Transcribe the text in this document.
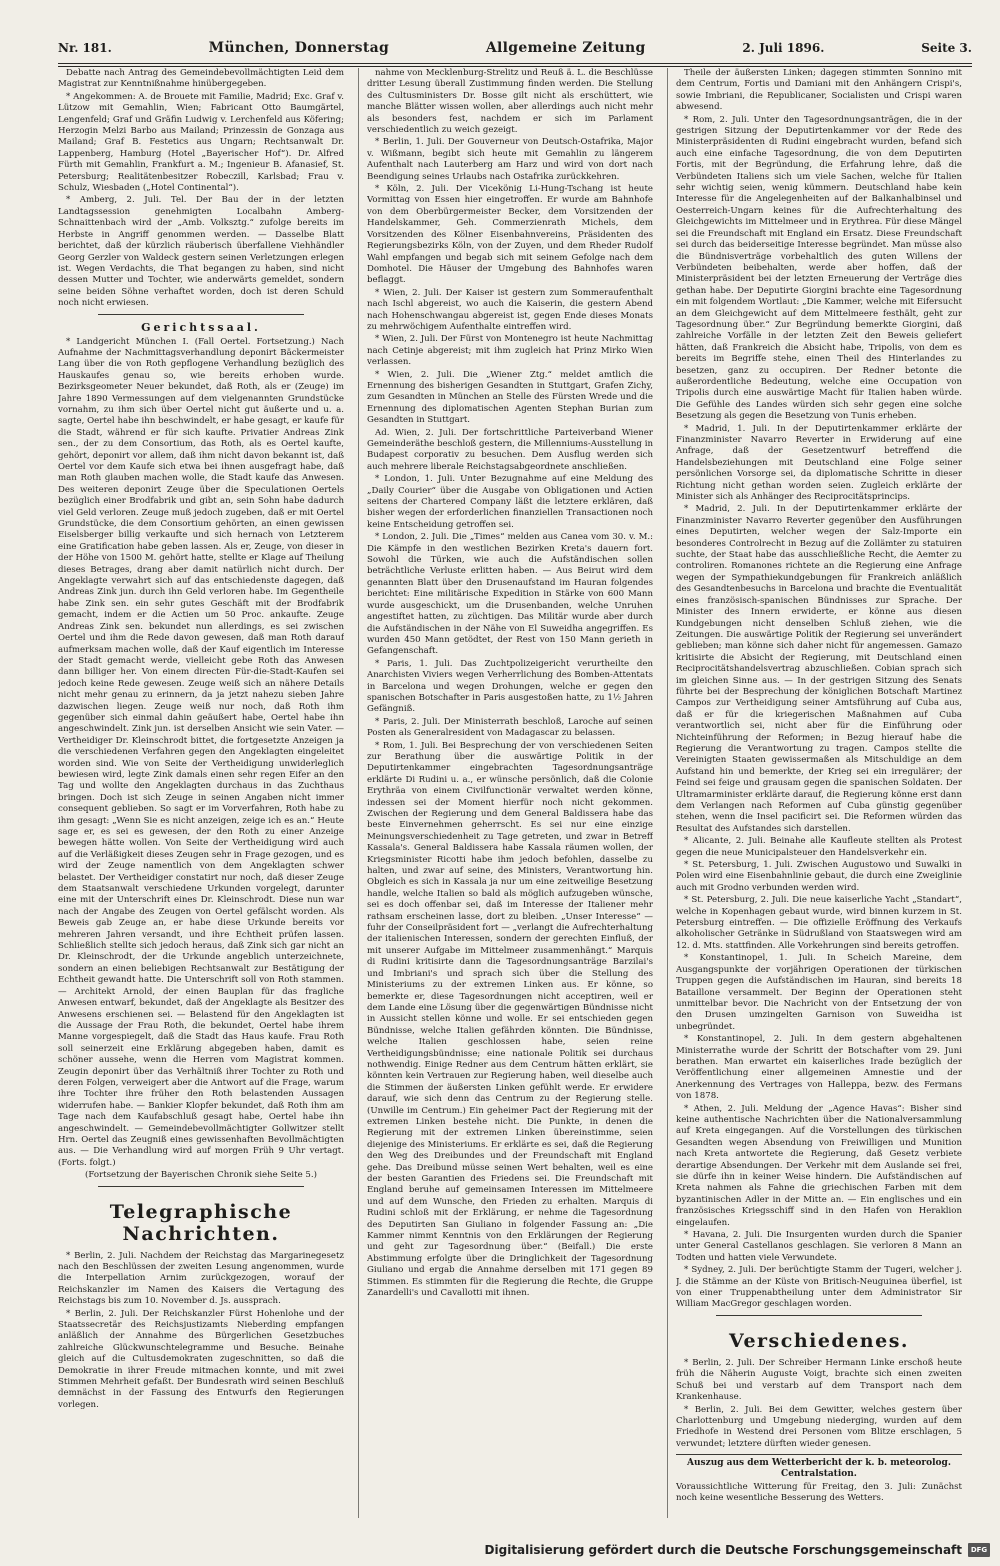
Nr. 181.	München, Donnerstag	Allgemeine Zeitung	2. Juli 1896.	Seite 3.

Debatte nach Antrag des Gemeindebevollmächtigten Leid dem Magistrat zur Kenntnißnahme hinübergegeben.

* Angekommen: A. de Brouete mit Familie, Madrid; Exc. Graf v. Lützow mit Gemahlin, Wien; Fabricant Otto Baumgärtel, Lengenfeld; Graf und Gräfin Ludwig v. Lerchenfeld aus Köfering; Herzogin Melzi Barbo aus Mailand; Prinzessin de Gonzaga aus Mailand; Graf B. Festetics aus Ungarn; Rechtsanwalt Dr. Lappenberg, Hamburg (Hotel „Bayerischer Hof“). Dr. Alfred Fürth mit Gemahlin, Frankfurt a. M.; Ingenieur B. Afanasief, St. Petersburg; Realitätenbesitzer Robeczill, Karlsbad; Frau v. Schulz, Wiesbaden („Hotel Continental“).

* Amberg, 2. Juli. Tel. Der Bau der in der letzten Landtagssession genehmigten Localbahn Amberg-Schnaittenbach wird der „Amb. Volksztg.“ zufolge bereits im Herbste in Angriff genommen werden. — Dasselbe Blatt berichtet, daß der kürzlich räuberisch überfallene Viehhändler Georg Gerzler von Waldeck gestern seinen Verletzungen erlegen ist. Wegen Verdachts, die That begangen zu haben, sind nicht dessen Mutter und Tochter, wie anderwärts gemeldet, sondern seine beiden Söhne verhaftet worden, doch ist deren Schuld noch nicht erwiesen.

Gerichtssaal.

* Landgericht München I. (Fall Oertel. Fortsetzung.) Nach Aufnahme der Nachmittagsverhandlung deponirt Bäckermeister Lang über die von Roth gepflogene Verhandlung bezüglich des Hauskaufes genau so, wie bereits erhoben wurde. Bezirksgeometer Neuer bekundet, daß Roth, als er (Zeuge) im Jahre 1890 Vermessungen auf dem vielgenannten Grundstücke vornahm, zu ihm sich über Oertel nicht gut äußerte und u. a. sagte, Oertel habe ihn beschwindelt, er habe gesagt, er kaufe für die Stadt, während er für sich kaufte. Privatier Andreas Zink sen., der zu dem Consortium, das Roth, als es Oertel kaufte, gehört, deponirt vor allem, daß ihm nicht davon bekannt ist, daß Oertel vor dem Kaufe sich etwa bei ihnen ausgefragt habe, daß man Roth glauben machen wolle, die Stadt kaufe das Anwesen. Des weiteren deponirt Zeuge über die Speculationen Oertels bezüglich einer Brodfabrik und gibt an, sein Sohn habe dadurch viel Geld verloren. Zeuge muß jedoch zugeben, daß er mit Oertel Grundstücke, die dem Consortium gehörten, an einen gewissen Eiselsberger billig verkaufte und sich hernach von Letzterem eine Gratification habe geben lassen. Als er, Zeuge, von dieser in der Höhe von 1500 M. gehört hatte, stellte er Klage auf Theilung dieses Betrages, drang aber damit natürlich nicht durch. Der Angeklagte verwahrt sich auf das entschiedenste dagegen, daß Andreas Zink jun. durch ihn Geld verloren habe. Im Gegentheile habe Zink sen. ein sehr gutes Geschäft mit der Brodfabrik gemacht, indem er die Actien um 50 Proc. ankaufte. Zeuge Andreas Zink sen. bekundet nun allerdings, es sei zwischen Oertel und ihm die Rede davon gewesen, daß man Roth darauf aufmerksam machen wolle, daß der Kauf eigentlich im Interesse der Stadt gemacht werde, vielleicht gebe Roth das Anwesen dann billiger her. Von einem directen Für-die-Stadt-Kaufen sei jedoch keine Rede gewesen. Zeuge weiß sich an nähere Details nicht mehr genau zu erinnern, da ja jetzt nahezu sieben Jahre dazwischen liegen. Zeuge weiß nur noch, daß Roth ihm gegenüber sich einmal dahin geäußert habe, Oertel habe ihn angeschwindelt. Zink jun. ist derselben Ansicht wie sein Vater. — Vertheidiger Dr. Kleinschrodt bittet, die fortgesetzte Anzeigen ja die verschiedenen Verfahren gegen den Angeklagten eingeleitet worden sind. Wie von Seite der Vertheidigung unwiderleglich bewiesen wird, legte Zink damals einen sehr regen Eifer an den Tag und wollte den Angeklagten durchaus in das Zuchthaus bringen. Doch ist sich Zeuge in seinen Angaben nicht immer consequent geblieben. So sagt er im Vorverfahren, Roth habe zu ihm gesagt: „Wenn Sie es nicht anzeigen, zeige ich es an.“ Heute sage er, es sei es gewesen, der den Roth zu einer Anzeige bewegen hätte wollen. Von Seite der Vertheidigung wird auch auf die Verläßigkeit dieses Zeugen sehr in Frage gezogen, und es wird der Zeuge namentlich von dem Angeklagten schwer belastet. Der Vertheidiger constatirt nur noch, daß dieser Zeuge dem Staatsanwalt verschiedene Urkunden vorgelegt, darunter eine mit der Unterschrift eines Dr. Kleinschrodt. Diese nun war nach der Angabe des Zeugen von Oertel gefälscht worden. Als Beweis gab Zeuge an, er habe diese Urkunde bereits vor mehreren Jahren versandt, und ihre Echtheit prüfen lassen. Schließlich stellte sich jedoch heraus, daß Zink sich gar nicht an Dr. Kleinschrodt, der die Urkunde angeblich unterzeichnete, sondern an einen beliebigen Rechtsanwalt zur Bestätigung der Echtheit gewandt hatte. Die Unterschrift soll von Roth stammen. — Architekt Arnold, der einen Bauplan für das fragliche Anwesen entwarf, bekundet, daß der Angeklagte als Besitzer des Anwesens erschienen sei. — Belastend für den Angeklagten ist die Aussage der Frau Roth, die bekundet, Oertel habe ihrem Manne vorgespiegelt, daß die Stadt das Haus kaufe. Frau Roth soll seinerzeit eine Erklärung abgegeben haben, damit es schöner aussehe, wenn die Herren vom Magistrat kommen. Zeugin deponirt über das Verhältniß ihrer Tochter zu Roth und deren Folgen, verweigert aber die Antwort auf die Frage, warum ihre Tochter ihre früher den Roth belastenden Aussagen widerrufen habe. — Bankier Klopfer bekundet, daß Roth ihm am Tage nach dem Kaufabschluß gesagt habe, Oertel habe ihn angeschwindelt. — Gemeindebevollmächtigter Gollwitzer stellt Hrn. Oertel das Zeugniß eines gewissenhaften Bevollmächtigten aus. — Die Verhandlung wird auf morgen Früh 9 Uhr vertagt. (Forts. folgt.)

(Fortsetzung der Bayerischen Chronik siehe Seite 5.)

Telegraphische Nachrichten.

* Berlin, 2. Juli. Nachdem der Reichstag das Margarinegesetz nach den Beschlüssen der zweiten Lesung angenommen, wurde die Interpellation Arnim zurückgezogen, worauf der Reichskanzler im Namen des Kaisers die Vertagung des Reichstags bis zum 10. November d. Js. aussprach.

* Berlin, 2. Juli. Der Reichskanzler Fürst Hohenlohe und der Staatssecretär des Reichsjustizamts Nieberding empfangen anläßlich der Annahme des Bürgerlichen Gesetzbuches zahlreiche Glückwunschtelegramme und Besuche. Beinahe gleich auf die Cultusdemokraten zugeschnitten, so daß die Demokratie in ihrer Freude mitmachen konnte, und mit zwei Stimmen Mehrheit gefaßt. Der Bundesrath wird seinen Beschluß demnächst in der Fassung des Entwurfs den Regierungen vorlegen.

nahme von Mecklenburg-Strelitz und Reuß ä. L. die Beschlüsse dritter Lesung überall Zustimmung finden werden. Die Stellung des Cultusministers Dr. Bosse gilt nicht als erschüttert, wie manche Blätter wissen wollen, aber allerdings auch nicht mehr als besonders fest, nachdem er sich im Parlament verschiedentlich zu weich gezeigt.

* Berlin, 1. Juli. Der Gouverneur von Deutsch-Ostafrika, Major v. Wißmann, begibt sich heute mit Gemahlin zu längerem Aufenthalt nach Lauterberg am Harz und wird von dort nach Beendigung seines Urlaubs nach Ostafrika zurückkehren.

* Köln, 2. Juli. Der Vicekönig Li-Hung-Tschang ist heute Vormittag von Essen hier eingetroffen. Er wurde am Bahnhofe von dem Oberbürgermeister Becker, dem Vorsitzenden der Handelskammer, Geh. Commerzienrath Michels, dem Vorsitzenden des Kölner Eisenbahnvereins, Präsidenten des Regierungsbezirks Köln, von der Zuyen, und dem Rheder Rudolf Wahl empfangen und begab sich mit seinem Gefolge nach dem Domhotel. Die Häuser der Umgebung des Bahnhofes waren beflaggt.

* Wien, 2. Juli. Der Kaiser ist gestern zum Sommeraufenthalt nach Ischl abgereist, wo auch die Kaiserin, die gestern Abend nach Hohenschwangau abgereist ist, gegen Ende dieses Monats zu mehrwöchigem Aufenthalte eintreffen wird.

* Wien, 2. Juli. Der Fürst von Montenegro ist heute Nachmittag nach Cetinje abgereist; mit ihm zugleich hat Prinz Mirko Wien verlassen.

* Wien, 2. Juli. Die „Wiener Ztg.“ meldet amtlich die Ernennung des bisherigen Gesandten in Stuttgart, Grafen Zichy, zum Gesandten in München an Stelle des Fürsten Wrede und die Ernennung des diplomatischen Agenten Stephan Burian zum Gesandten in Stuttgart.

Ad. Wien, 2. Juli. Der fortschrittliche Parteiverband Wiener Gemeinderäthe beschloß gestern, die Millenniums-Ausstellung in Budapest corporativ zu besuchen. Dem Ausflug werden sich auch mehrere liberale Reichstagsabgeordnete anschließen.

* London, 1. Juli. Unter Bezugnahme auf eine Meldung des „Daily Courier“ über die Ausgabe von Obligationen und Actien seitens der Chartered Company läßt die letztere erklären, daß bisher wegen der erforderlichen finanziellen Transactionen noch keine Entscheidung getroffen sei.

* London, 2. Juli. Die „Times“ melden aus Canea vom 30. v. M.: Die Kämpfe in den westlichen Bezirken Kreta's dauern fort. Sowohl die Türken, wie auch die Aufständischen sollen beträchtliche Verluste erlitten haben. — Aus Beirut wird dem genannten Blatt über den Drusenaufstand im Hauran folgendes berichtet: Eine militärische Expedition in Stärke von 600 Mann wurde ausgeschickt, um die Drusenbanden, welche Unruhen angestiftet hatten, zu züchtigen. Das Militär wurde aber durch die Aufständischen in der Nähe von El Suweidha angegriffen. Es wurden 450 Mann getödtet, der Rest von 150 Mann gerieth in Gefangenschaft.

* Paris, 1. Juli. Das Zuchtpolizeigericht verurtheilte den Anarchisten Viviers wegen Verherrlichung des Bomben-Attentats in Barcelona und wegen Drohungen, welche er gegen den spanischen Botschafter in Paris ausgestoßen hatte, zu 1½ Jahren Gefängniß.

* Paris, 2. Juli. Der Ministerrath beschloß, Laroche auf seinen Posten als Generalresident von Madagascar zu belassen.

* Rom, 1. Juli. Bei Besprechung der von verschiedenen Seiten zur Berathung über die auswärtige Politik in der Deputirtenkammer eingebrachten Tagesordnungsanträge erklärte Di Rudini u. a., er wünsche persönlich, daß die Colonie Erythräa von einem Civilfunctionär verwaltet werden könne, indessen sei der Moment hierfür noch nicht gekommen. Zwischen der Regierung und dem General Baldissera habe das beste Einvernehmen geherrscht. Es sei nur eine einzige Meinungsverschiedenheit zu Tage getreten, und zwar in Betreff Kassala's. General Baldissera habe Kassala räumen wollen, der Kriegsminister Ricotti habe ihm jedoch befohlen, dasselbe zu halten, und zwar auf seine, des Ministers, Verantwortung hin. Obgleich es sich in Kassala ja nur um eine zeitweilige Besetzung handle, welche Italien so bald als möglich aufzugeben wünsche, sei es doch offenbar sei, daß im Interesse der Italiener mehr rathsam erscheinen lasse, dort zu bleiben. „Unser Interesse“ — fuhr der Conseilpräsident fort — „verlangt die Aufrechterhaltung der italienischen Interessen, sondern der gerechten Einfluß, der mit unserer Aufgabe im Mittelmeer zusammenhängt.“ Marquis di Rudini kritisirte dann die Tagesordnungsanträge Barzilai's und Imbriani's und sprach sich über die Stellung des Ministeriums zu der extremen Linken aus. Er könne, so bemerkte er, diese Tagesordnungen nicht acceptiren, weil er dem Lande eine Lösung über die gegenwärtigen Bündnisse nicht in Aussicht stellen könne und wolle. Er sei entschieden gegen Bündnisse, welche Italien gefährden könnten. Die Bündnisse, welche Italien geschlossen habe, seien reine Vertheidigungsbündnisse; eine nationale Politik sei durchaus nothwendig. Einige Redner aus dem Centrum hätten erklärt, sie könnten kein Vertrauen zur Regierung haben, weil dieselbe auch die Stimmen der äußersten Linken gefühlt werde. Er erwidere darauf, wie sich denn das Centrum zu der Regierung stelle. (Unwille im Centrum.) Ein geheimer Pact der Regierung mit der extremen Linken bestehe nicht. Die Punkte, in denen die Regierung mit der extremen Linken übereinstimme, seien diejenige des Ministeriums. Er erklärte es sei, daß die Regierung den Weg des Dreibundes und der Freundschaft mit England gehe. Das Dreibund müsse seinen Wert behalten, weil es eine der besten Garantien des Friedens sei. Die Freundschaft mit England beruhe auf gemeinsamen Interessen im Mittelmeere und auf dem Wunsche, den Frieden zu erhalten. Marquis di Rudini schloß mit der Erklärung, er nehme die Tagesordnung des Deputirten San Giuliano in folgender Fassung an: „Die Kammer nimmt Kenntnis von den Erklärungen der Regierung und geht zur Tagesordnung über.“ (Beifall.) Die erste Abstimmung erfolgte über die Dringlichkeit der Tagesordnung Giuliano und ergab die Annahme derselben mit 171 gegen 89 Stimmen. Es stimmten für die Regierung die Rechte, die Gruppe Zanardelli's und Cavallotti mit ihnen.

Theile der äußersten Linken; dagegen stimmten Sonnino mit dem Centrum, Fortis und Damiani mit den Anhängern Crispi's, sowie Imbriani, die Republicaner, Socialisten und Crispi waren abwesend.

* Rom, 2. Juli. Unter den Tagesordnungsanträgen, die in der gestrigen Sitzung der Deputirtenkammer vor der Rede des Ministerpräsidenten di Rudini eingebracht wurden, befand sich auch eine einfache Tagesordnung, die von dem Deputirten Fortis, mit der Begründung, die Erfahrung lehre, daß die Verbündeten Italiens sich um viele Sachen, welche für Italien sehr wichtig seien, wenig kümmern. Deutschland habe kein Interesse für die Angelegenheiten auf der Balkanhalbinsel und Oesterreich-Ungarn keines für die Aufrechterhaltung des Gleichgewichts im Mittelmeer und in Erythrea. Für diese Mängel sei die Freundschaft mit England ein Ersatz. Diese Freundschaft sei durch das beiderseitige Interesse begründet. Man müsse also die Bündnisverträge vorbehaltlich des guten Willens der Verbündeten beibehalten, werde aber hoffen, daß der Ministerpräsident bei der letzten Erneuerung der Verträge dies gethan habe. Der Deputirte Giorgini brachte eine Tagesordnung ein mit folgendem Wortlaut: „Die Kammer, welche mit Eifersucht an dem Gleichgewicht auf dem Mittelmeere festhält, geht zur Tagesordnung über.“ Zur Begründung bemerkte Giorgini, daß zahlreiche Vorfälle in der letzten Zeit den Beweis geliefert hätten, daß Frankreich die Absicht habe, Tripolis, von dem es bereits im Begriffe stehe, einen Theil des Hinterlandes zu besetzen, ganz zu occupiren. Der Redner betonte die außerordentliche Bedeutung, welche eine Occupation von Tripolis durch eine auswärtige Macht für Italien haben würde. Die Gefühle des Landes würden sich sehr gegen eine solche Besetzung als gegen die Besetzung von Tunis erheben.

* Madrid, 1. Juli. In der Deputirtenkammer erklärte der Finanzminister Navarro Reverter in Erwiderung auf eine Anfrage, daß der Gesetzentwurf betreffend die Handelsbeziehungen mit Deutschland eine Folge seiner persönlichen Vorsorge sei, da diplomatische Schritte in dieser Richtung nicht gethan worden seien. Zugleich erklärte der Minister sich als Anhänger des Reciprocitätsprincips.

* Madrid, 2. Juli. In der Deputirtenkammer erklärte der Finanzminister Navarro Reverter gegenüber den Ausführungen eines Deputirten, welcher wegen der Salz-Importe ein besonderes Controlrecht in Bezug auf die Zollämter zu statuiren suchte, der Staat habe das ausschließliche Recht, die Aemter zu controliren. Romanones richtete an die Regierung eine Anfrage wegen der Sympathiekundgebungen für Frankreich anläßlich des Gesandtenbesuchs in Barcelona und brachte die Eventualität eines französisch-spanischen Bündnisses zur Sprache. Der Minister des Innern erwiderte, er könne aus diesen Kundgebungen nicht denselben Schluß ziehen, wie die Zeitungen. Die auswärtige Politik der Regierung sei unverändert geblieben; man könne sich daher nicht für angemessen. Gamazo kritisirte die Absicht der Regierung, mit Deutschland einen Reciprocitätshandelsvertrag abzuschließen. Cobian sprach sich im gleichen Sinne aus. — In der gestrigen Sitzung des Senats führte bei der Besprechung der königlichen Botschaft Martinez Campos zur Vertheidigung seiner Amtsführung auf Cuba aus, daß er für die kriegerischen Maßnahmen auf Cuba verantwortlich sei, nicht aber für die Einführung oder Nichteinführung der Reformen; in Bezug hierauf habe die Regierung die Verantwortung zu tragen. Campos stellte die Vereinigten Staaten gewissermaßen als Mitschuldige an dem Aufstand hin und bemerkte, der Krieg sei ein irregulärer; der Feind sei feige und grausam gegen die spanischen Soldaten. Der Ultramarminister erklärte darauf, die Regierung könne erst dann dem Verlangen nach Reformen auf Cuba günstig gegenüber stehen, wenn die Insel pacificirt sei. Die Reformen würden das Resultat des Aufstandes sich darstellen.

* Alicante, 2. Juli. Beinahe alle Kaufleute stellten als Protest gegen die neue Municipalsteuer den Handelsverkehr ein.

* St. Petersburg, 1. Juli. Zwischen Augustowo und Suwalki in Polen wird eine Eisenbahnlinie gebaut, die durch eine Zweiglinie auch mit Grodno verbunden werden wird.

* St. Petersburg, 2. Juli. Die neue kaiserliche Yacht „Standart“, welche in Kopenhagen gebaut wurde, wird binnen kurzem in St. Petersburg eintreffen. — Die offizielle Eröffnung des Verkaufs alkoholischer Getränke in Südrußland von Staatswegen wird am 12. d. Mts. stattfinden. Alle Vorkehrungen sind bereits getroffen.

* Konstantinopel, 1. Juli. In Scheich Mareine, dem Ausgangspunkte der vorjährigen Operationen der türkischen Truppen gegen die Aufständischen im Hauran, sind bereits 18 Bataillone versammelt. Der Beginn der Operationen steht unmittelbar bevor. Die Nachricht von der Entsetzung der von den Drusen umzingelten Garnison von Suweidha ist unbegründet.

* Konstantinopel, 2. Juli. In dem gestern abgehaltenen Ministerrathe wurde der Schritt der Botschafter vom 29. Juni berathen. Man erwartet ein kaiserliches Irade bezüglich der Veröffentlichung einer allgemeinen Amnestie und der Anerkennung des Vertrages von Halleppa, bezw. des Fermans von 1878.

* Athen, 2. Juli. Meldung der „Agence Havas“: Bisher sind keine authentische Nachrichten über die Nationalversammlung auf Kreta eingegangen. Auf die Vorstellungen des türkischen Gesandten wegen Absendung von Freiwilligen und Munition nach Kreta antwortete die Regierung, daß Gesetz verbiete derartige Absendungen. Der Verkehr mit dem Auslande sei frei, sie dürfe ihn in keiner Weise hindern. Die Aufständischen auf Kreta nahmen als Fahne die griechischen Farben mit dem byzantinischen Adler in der Mitte an. — Ein englisches und ein französisches Kriegsschiff sind in den Hafen von Heraklion eingelaufen.

* Havana, 2. Juli. Die Insurgenten wurden durch die Spanier unter General Castellanos geschlagen. Sie verloren 8 Mann an Todten und hatten viele Verwundete.

* Sydney, 2. Juli. Der berüchtigte Stamm der Tugeri, welcher j. J. die Stämme an der Küste von Britisch-Neuguinea überfiel, ist von einer Truppenabtheilung unter dem Administrator Sir William MacGregor geschlagen worden.

Verschiedenes.

* Berlin, 2. Juli. Der Schreiber Hermann Linke erschoß heute früh die Näherin Auguste Voigt, brachte sich einen zweiten Schuß bei und verstarb auf dem Transport nach dem Krankenhause.

* Berlin, 2. Juli. Bei dem Gewitter, welches gestern über Charlottenburg und Umgebung niederging, wurden auf dem Friedhofe in Westend drei Personen vom Blitze erschlagen, 5 verwundet; letztere dürften wieder genesen.

Auszug aus dem Wetterbericht der k. b. meteorolog. Centralstation.
Voraussichtliche Witterung für Freitag, den 3. Juli: Zunächst noch keine wesentliche Besserung des Wetters.
Digitalisierung gefördert durch die Deutsche Forschungsgemeinschaft	DFG
